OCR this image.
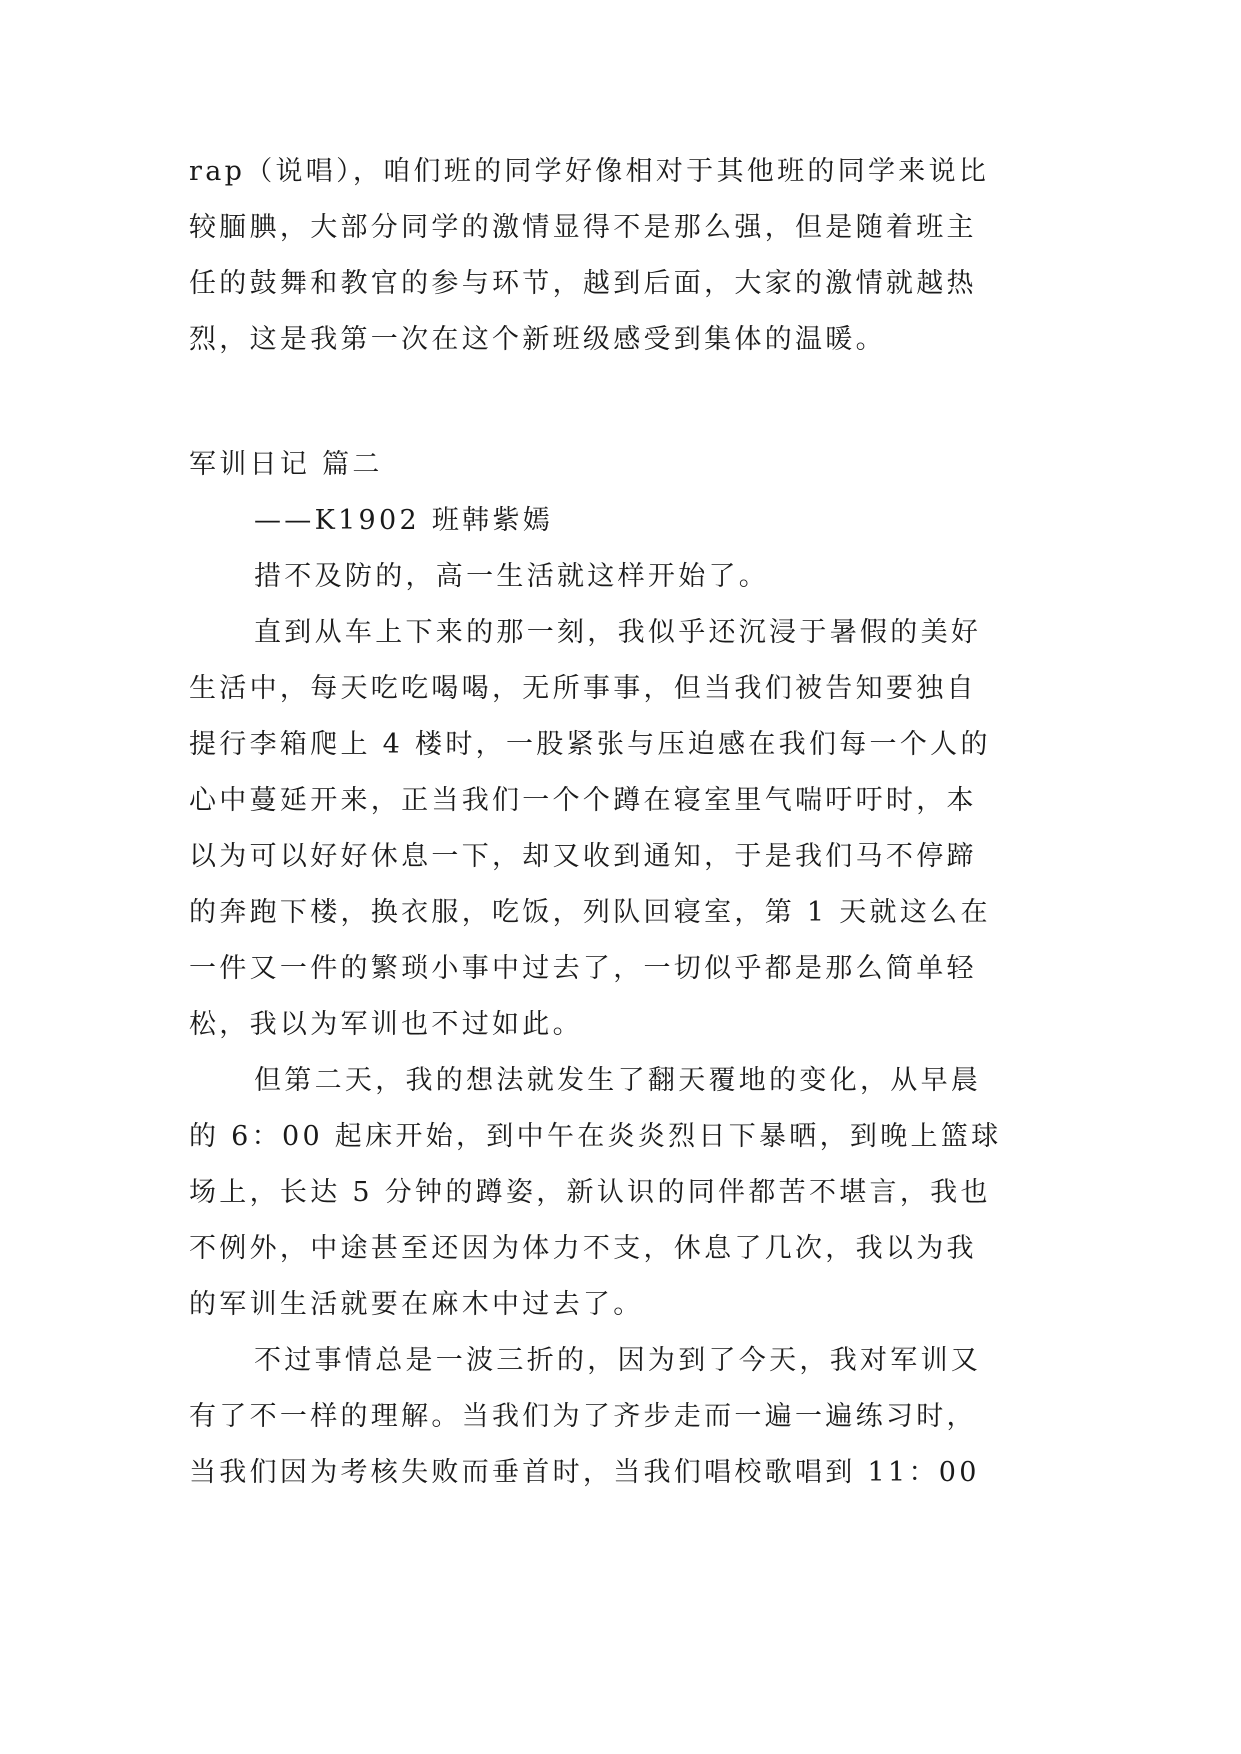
rap（说唱），咱们班的同学好像相对于其他班的同学来说比
较腼腆，大部分同学的激情显得不是那么强，但是随着班主
任的鼓舞和教官的参与环节，越到后面，大家的激情就越热
烈，这是我第一次在这个新班级感受到集体的温暖。
军训日记 篇二
——K1902 班韩紫嫣
措不及防的，高一生活就这样开始了。
直到从车上下来的那一刻，我似乎还沉浸于暑假的美好
生活中，每天吃吃喝喝，无所事事，但当我们被告知要独自
提行李箱爬上 4 楼时，一股紧张与压迫感在我们每一个人的
心中蔓延开来，正当我们一个个蹲在寝室里气喘吁吁时，本
以为可以好好休息一下，却又收到通知，于是我们马不停蹄
的奔跑下楼，换衣服，吃饭，列队回寝室，第 1 天就这么在
一件又一件的繁琐小事中过去了，一切似乎都是那么简单轻
松，我以为军训也不过如此。
但第二天，我的想法就发生了翻天覆地的变化，从早晨
的 6：00 起床开始，到中午在炎炎烈日下暴晒，到晚上篮球
场上，长达 5 分钟的蹲姿，新认识的同伴都苦不堪言，我也
不例外，中途甚至还因为体力不支，休息了几次，我以为我
的军训生活就要在麻木中过去了。
不过事情总是一波三折的，因为到了今天，我对军训又
有了不一样的理解。当我们为了齐步走而一遍一遍练习时，
当我们因为考核失败而垂首时，当我们唱校歌唱到 11：00
